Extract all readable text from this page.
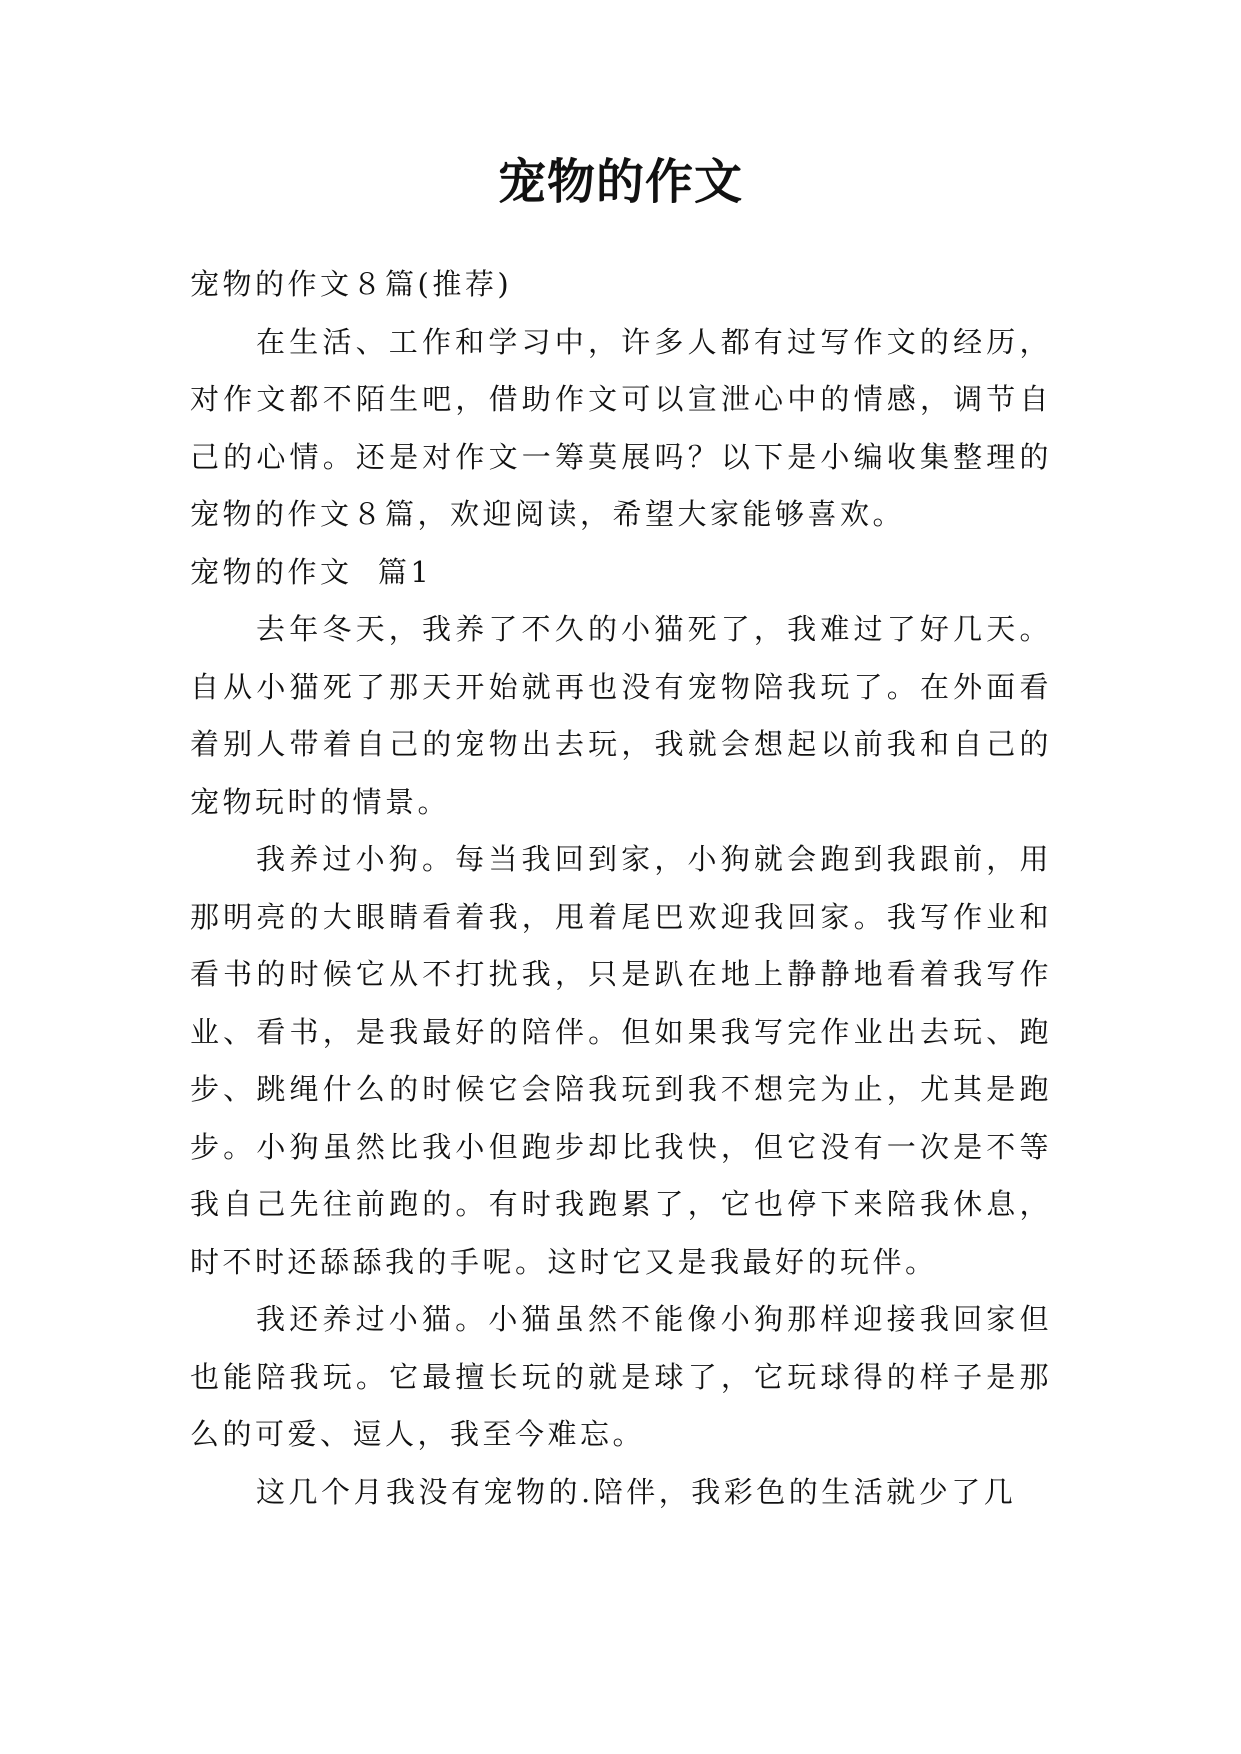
宠物的作文

宠物的作文８篇(推荐)

在生活、工作和学习中，许多人都有过写作文的经历，对作文都不陌生吧，借助作文可以宣泄心中的情感，调节自己的心情。还是对作文一筹莫展吗？以下是小编收集整理的宠物的作文８篇，欢迎阅读，希望大家能够喜欢。

宠物的作文  篇1

去年冬天，我养了不久的小猫死了，我难过了好几天。自从小猫死了那天开始就再也没有宠物陪我玩了。在外面看着别人带着自己的宠物出去玩，我就会想起以前我和自己的宠物玩时的情景。

我养过小狗。每当我回到家，小狗就会跑到我跟前，用那明亮的大眼睛看着我，甩着尾巴欢迎我回家。我写作业和看书的时候它从不打扰我，只是趴在地上静静地看着我写作业、看书，是我最好的陪伴。但如果我写完作业出去玩、跑步、跳绳什么的时候它会陪我玩到我不想完为止，尤其是跑步。小狗虽然比我小但跑步却比我快，但它没有一次是不等我自己先往前跑的。有时我跑累了，它也停下来陪我休息，时不时还舔舔我的手呢。这时它又是我最好的玩伴。

我还养过小猫。小猫虽然不能像小狗那样迎接我回家但也能陪我玩。它最擅长玩的就是球了，它玩球得的样子是那么的可爱、逗人，我至今难忘。

这几个月我没有宠物的.陪伴，我彩色的生活就少了几
